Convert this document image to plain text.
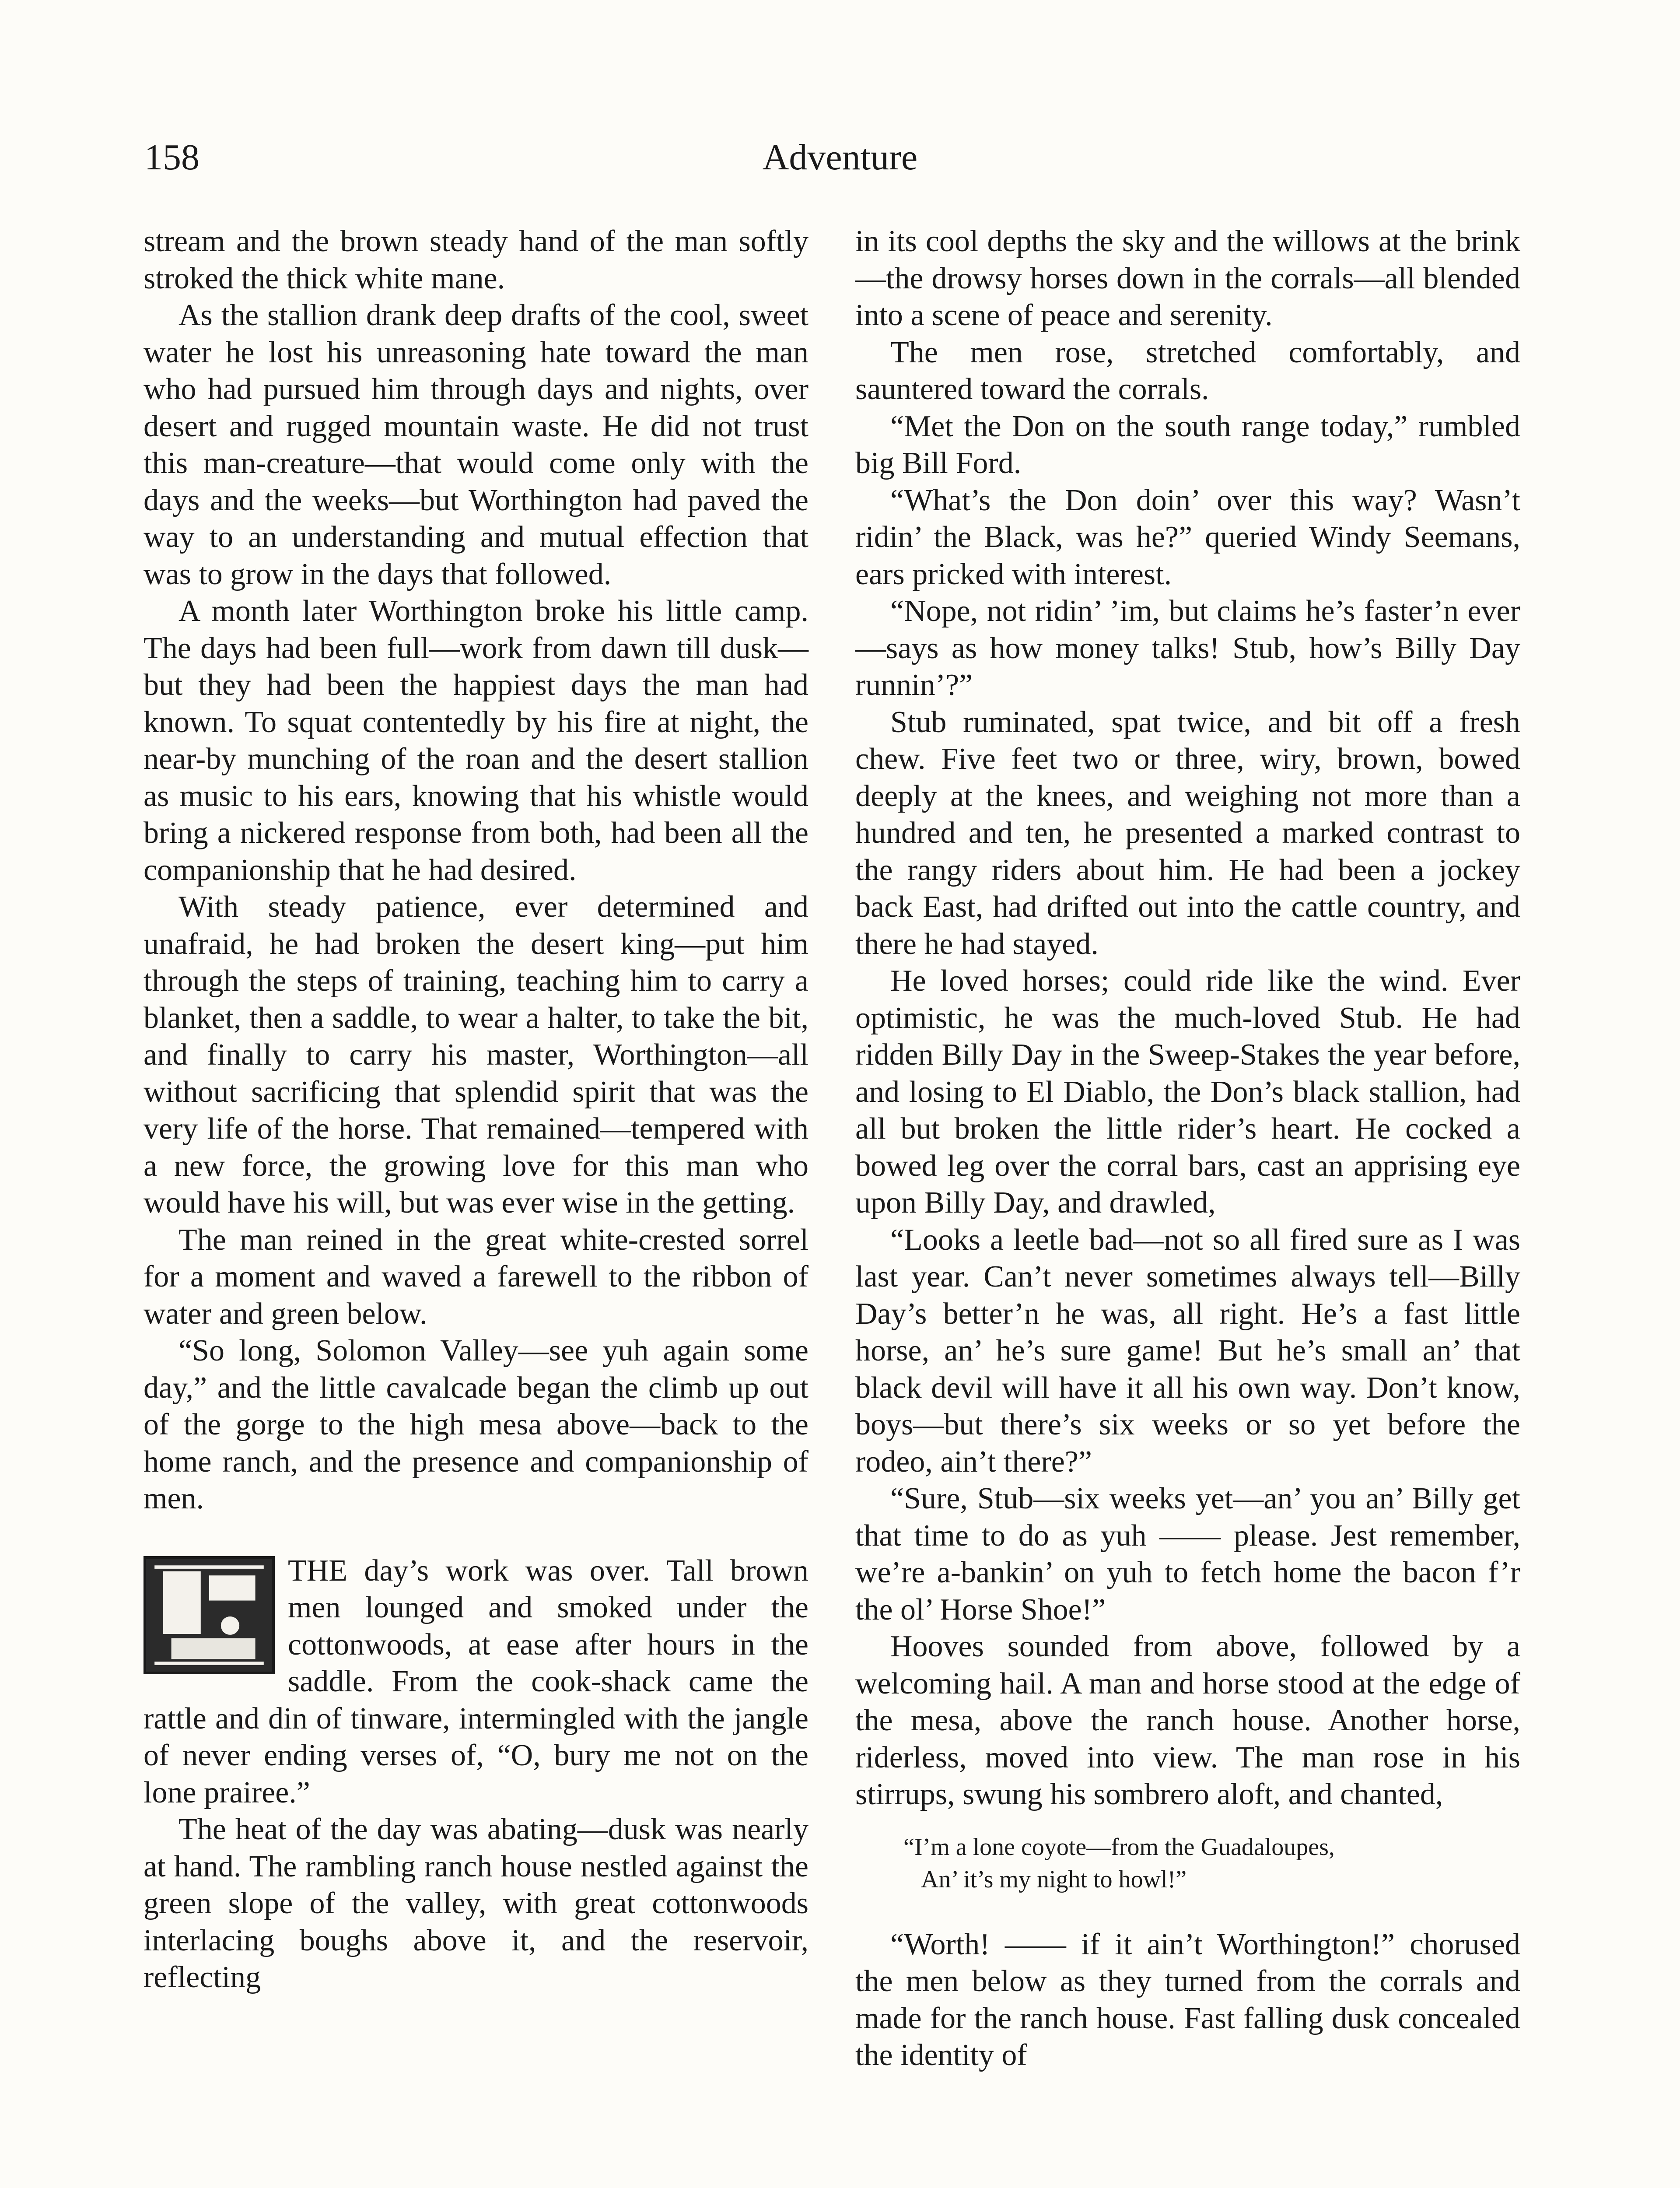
158	Adventure

stream and the brown steady hand of the man softly stroked the thick white mane.

As the stallion drank deep drafts of the cool, sweet water he lost his unreasoning hate toward the man who had pursued him through days and nights, over desert and rugged mountain waste. He did not trust this man-creature—that would come only with the days and the weeks—but Worthington had paved the way to an understanding and mutual effection that was to grow in the days that followed.

A month later Worthington broke his little camp. The days had been full—work from dawn till dusk—but they had been the happiest days the man had known. To squat contentedly by his fire at night, the near-by munching of the roan and the desert stallion as music to his ears, knowing that his whistle would bring a nickered response from both, had been all the companionship that he had desired.

With steady patience, ever determined and unafraid, he had broken the desert king—put him through the steps of training, teaching him to carry a blanket, then a saddle, to wear a halter, to take the bit, and finally to carry his master, Worthington—all without sacrificing that splendid spirit that was the very life of the horse. That remained—tempered with a new force, the growing love for this man who would have his will, but was ever wise in the getting.

The man reined in the great white-crested sorrel for a moment and waved a farewell to the ribbon of water and green below.

“So long, Solomon Valley—see yuh again some day,” and the little cavalcade began the climb up out of the gorge to the high mesa above—back to the home ranch, and the presence and companionship of men.

THE day’s work was over. Tall brown men lounged and smoked under the cottonwoods, at ease after hours in the saddle. From the cook-shack came the rattle and din of tinware, intermingled with the jangle of never ending verses of, “O, bury me not on the lone prairee.”

The heat of the day was abating—dusk was nearly at hand. The rambling ranch house nestled against the green slope of the valley, with great cottonwoods interlacing boughs above it, and the reservoir, reflecting

in its cool depths the sky and the willows at the brink—the drowsy horses down in the corrals—all blended into a scene of peace and serenity.

The men rose, stretched comfortably, and sauntered toward the corrals.

“Met the Don on the south range today,” rumbled big Bill Ford.

“What’s the Don doin’ over this way? Wasn’t ridin’ the Black, was he?” queried Windy Seemans, ears pricked with interest.

“Nope, not ridin’ ’im, but claims he’s faster’n ever—says as how money talks! Stub, how’s Billy Day runnin’?”

Stub ruminated, spat twice, and bit off a fresh chew. Five feet two or three, wiry, brown, bowed deeply at the knees, and weighing not more than a hundred and ten, he presented a marked contrast to the rangy riders about him. He had been a jockey back East, had drifted out into the cattle country, and there he had stayed.

He loved horses; could ride like the wind. Ever optimistic, he was the much-loved Stub. He had ridden Billy Day in the Sweep-Stakes the year before, and losing to El Diablo, the Don’s black stallion, had all but broken the little rider’s heart. He cocked a bowed leg over the corral bars, cast an apprising eye upon Billy Day, and drawled,

“Looks a leetle bad—not so all fired sure as I was last year. Can’t never sometimes always tell—Billy Day’s better’n he was, all right. He’s a fast little horse, an’ he’s sure game! But he’s small an’ that black devil will have it all his own way. Don’t know, boys—but there’s six weeks or so yet before the rodeo, ain’t there?”

“Sure, Stub—six weeks yet—an’ you an’ Billy get that time to do as yuh —— please. Jest remember, we’re a-bankin’ on yuh to fetch home the bacon f’r the ol’ Horse Shoe!”

Hooves sounded from above, followed by a welcoming hail. A man and horse stood at the edge of the mesa, above the ranch house. Another horse, riderless, moved into view. The man rose in his stirrups, swung his sombrero aloft, and chanted,

“I’m a lone coyote—from the Guadaloupes,
An’ it’s my night to howl!”

“Worth! —— if it ain’t Worthington!” chorused the men below as they turned from the corrals and made for the ranch house. Fast falling dusk concealed the identity of
